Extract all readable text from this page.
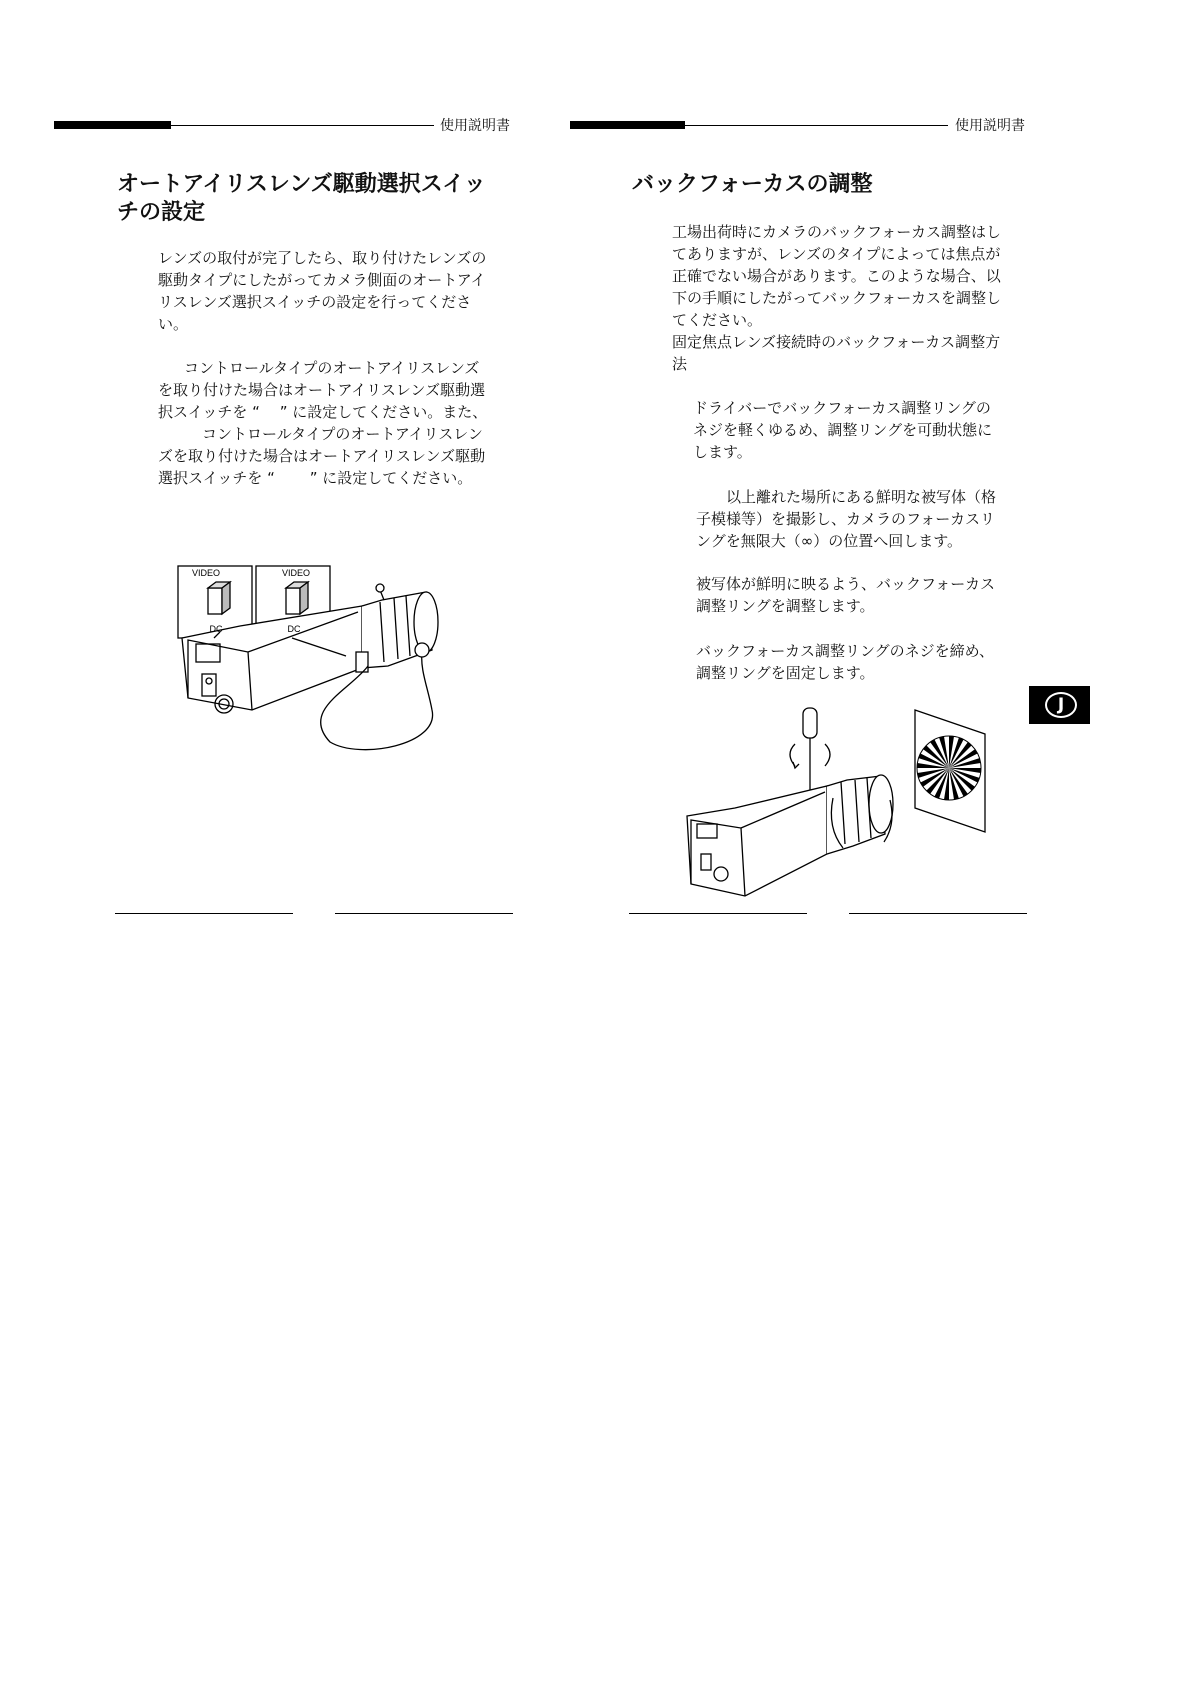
使用説明書
オートアイリスレンズ駆動選択スイッ
チの設定
レンズの取付が完了したら、取り付けたレンズの
駆動タイプにしたがってカメラ側面のオートアイ
リスレンズ選択スイッチの設定を行ってくださ
い。
コントロールタイプのオートアイリスレンズ
を取り付けた場合はオートアイリスレンズ駆動選
択スイッチを “　 ” に設定してください。また、
コントロールタイプのオートアイリスレン
ズを取り付けた場合はオートアイリスレンズ駆動
選択スイッチを “　 　” に設定してください。
VIDEO
DC
VIDEO
DC
使用説明書
バックフォーカスの調整
工場出荷時にカメラのバックフォーカス調整はし
てありますが、レンズのタイプによっては焦点が
正確でない場合があります。このような場合、以
下の手順にしたがってバックフォーカスを調整し
てください。
固定焦点レンズ接続時のバックフォーカス調整方
法
ドライバーでバックフォーカス調整リングの
ネジを軽くゆるめ、調整リングを可動状態に
します。
以上離れた場所にある鮮明な被写体（格
子模様等）を撮影し、カメラのフォーカスリ
ングを無限大（∞）の位置へ回します。
被写体が鮮明に映るよう、バックフォーカス
調整リングを調整します。
バックフォーカス調整リングのネジを締め、
調整リングを固定します。
J
